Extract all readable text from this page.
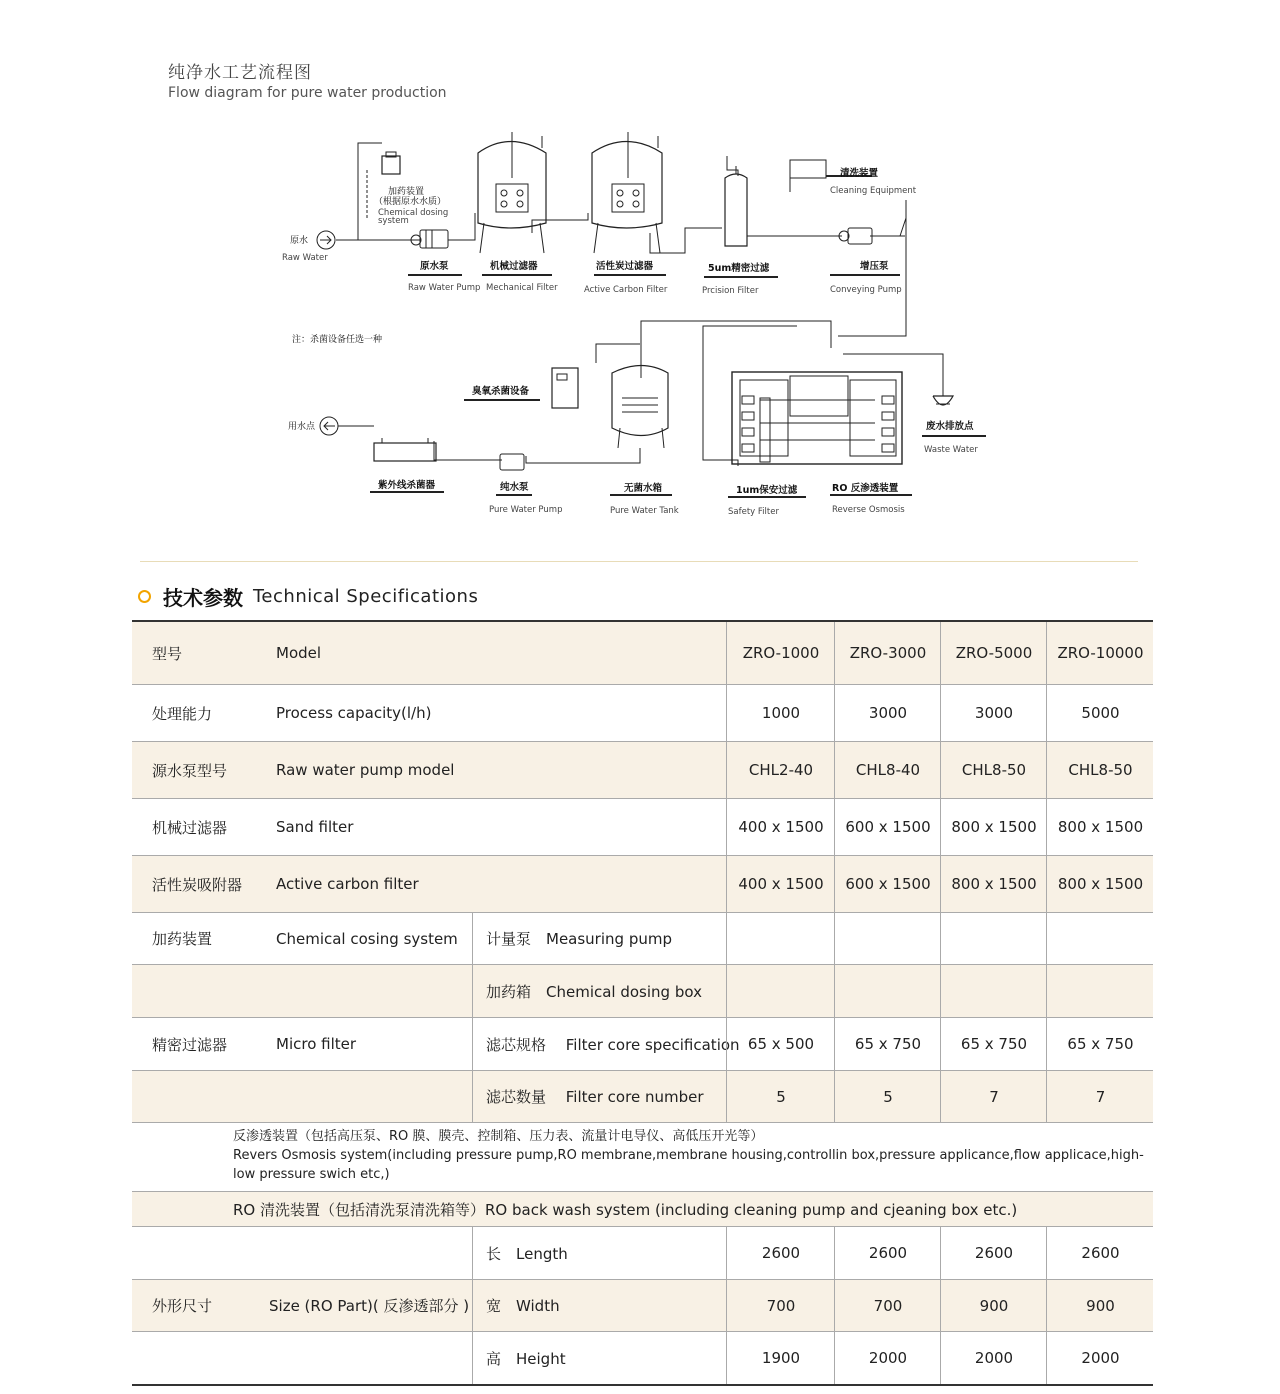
纯净水工艺流程图
Flow diagram for pure water production
原水
Raw Water
加药装置
（根据原水水质）
Chemical dosing
system
原水泵
Raw Water Pump
机械过滤器
Mechanical Filter
活性炭过滤器
Active Carbon Filter
5um精密过滤
Prcision Filter
清洗装置
Cleaning Equipment
增压泵
Conveying Pump
注：杀菌设备任选一种
臭氧杀菌设备
用水点
紫外线杀菌器	纯水泵
Pure Water Pump
无菌水箱
Pure Water Tank
1um保安过滤
Safety Filter
RO 反渗透装置
Reverse Osmosis
废水排放点
Waste Water
技术参数 Technical Specifications
型号	Model	ZRO-1000	ZRO-3000	ZRO-5000	ZRO-10000
处理能力	Process capacity(l/h)	1000	3000	3000	5000
源水泵型号	Raw water pump model	CHL2-40	CHL8-40	CHL8-50	CHL8-50
机械过滤器	Sand filter	400 x 1500	600 x 1500	800 x 1500	800 x 1500
活性炭吸附器 Active carbon filter	400 x 1500	600 x 1500	800 x 1500	800 x 1500
加药装置	Chemical cosing system	计量泵　Measuring pump
加药箱　Chemical dosing box
精密过滤器	Micro filter	滤芯规格　 Filter core specification 65 x 500	65 x 750	65 x 750	65 x 750
滤芯数量　 Filter core number	5	5	7	7
反渗透装置（包括高压泵、RO 膜、膜壳、控制箱、压力表、流量计电导仪、高低压开光等）
Revers Osmosis system(including pressure pump,RO membrane,membrane housing,controllin box,pressure applicance,flow applicace,high-low pressure swich etc,)
RO 清洗装置（包括清洗泵清洗箱等）RO back wash system (including cleaning pump and cjeaning box etc.)
长　Length	2600	2600	2600	2600
外形尺寸	Size (RO Part)( 反渗透部分 )	宽　Width	700	700	900	900
高　Height	1900	2000	2000	2000
